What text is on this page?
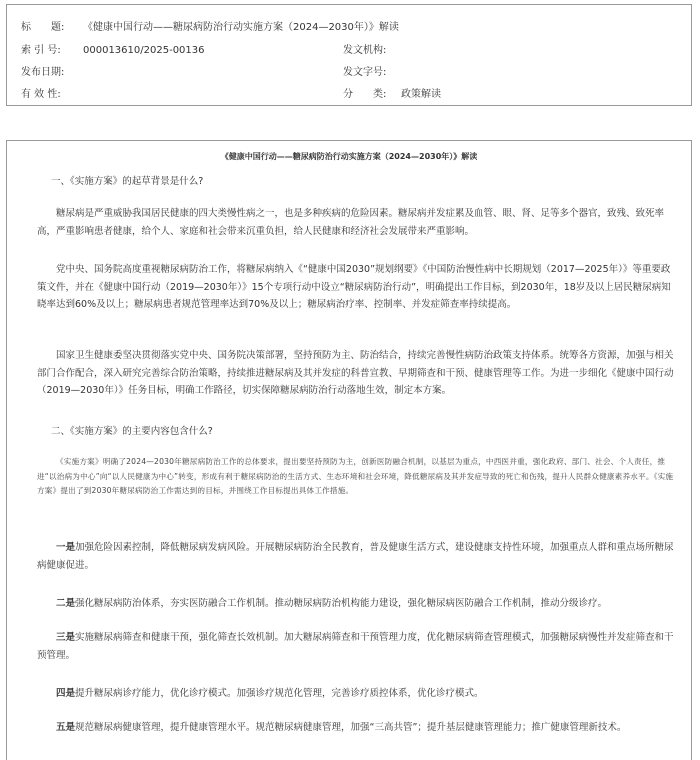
标　　题: 《健康中国行动——糖尿病防治行动实施方案（2024—2030年）》解读
索 引 号: 000013610/2025-00136	发文机构:
发布日期:	发文字号:
有 效 性:	分　　类: 政策解读
《健康中国行动——糖尿病防治行动实施方案（2024—2030年）》解读
一、《实施方案》的起草背景是什么?
糖尿病是严重威胁我国居民健康的四大类慢性病之一，也是多种疾病的危险因素。糖尿病并发症累及血管、眼、肾、足等多个器官，致残、致死率高，严重影响患者健康，给个人、家庭和社会带来沉重负担，给人民健康和经济社会发展带来严重影响。
党中央、国务院高度重视糖尿病防治工作，将糖尿病纳入《“健康中国2030”规划纲要》《中国防治慢性病中长期规划（2017—2025年）》等重要政策文件，并在《健康中国行动（2019—2030年）》15个专项行动中设立“糖尿病防治行动”，明确提出工作目标，到2030年，18岁及以上居民糖尿病知晓率达到60%及以上；糖尿病患者规范管理率达到70%及以上；糖尿病治疗率、控制率、并发症筛查率持续提高。
国家卫生健康委坚决贯彻落实党中央、国务院决策部署，坚持预防为主、防治结合，持续完善慢性病防治政策支持体系。统筹各方资源，加强与相关部门合作配合，深入研究完善综合防治策略，持续推进糖尿病及其并发症的科普宣教、早期筛查和干预、健康管理等工作。为进一步细化《健康中国行动（2019—2030年）》任务目标，明确工作路径，切实保障糖尿病防治行动落地生效，制定本方案。
二、《实施方案》的主要内容包含什么?
《实施方案》明确了2024—2030年糖尿病防治工作的总体要求，提出要坚持预防为主，创新医防融合机制，以基层为重点，中西医并重，强化政府、部门、社会、个人责任，推进“以治病为中心”向“以人民健康为中心”转变，形成有利于糖尿病防治的生活方式、生态环境和社会环境，降低糖尿病及其并发症导致的死亡和伤残，提升人民群众健康素养水平。《实施方案》提出了到2030年糖尿病防治工作需达到的目标，并围绕工作目标提出具体工作措施。
一是加强危险因素控制，降低糖尿病发病风险。开展糖尿病防治全民教育，普及健康生活方式，建设健康支持性环境，加强重点人群和重点场所糖尿病健康促进。
二是强化糖尿病防治体系，夯实医防融合工作机制。推动糖尿病防治机构能力建设，强化糖尿病医防融合工作机制，推动分级诊疗。
三是实施糖尿病筛查和健康干预，强化筛查长效机制。加大糖尿病筛查和干预管理力度，优化糖尿病筛查管理模式，加强糖尿病慢性并发症筛查和干预管理。
四是提升糖尿病诊疗能力，优化诊疗模式。加强诊疗规范化管理，完善诊疗质控体系，优化诊疗模式。
五是规范糖尿病健康管理，提升健康管理水平。规范糖尿病健康管理，加强“三高共管”；提升基层健康管理能力；推广健康管理新技术。
